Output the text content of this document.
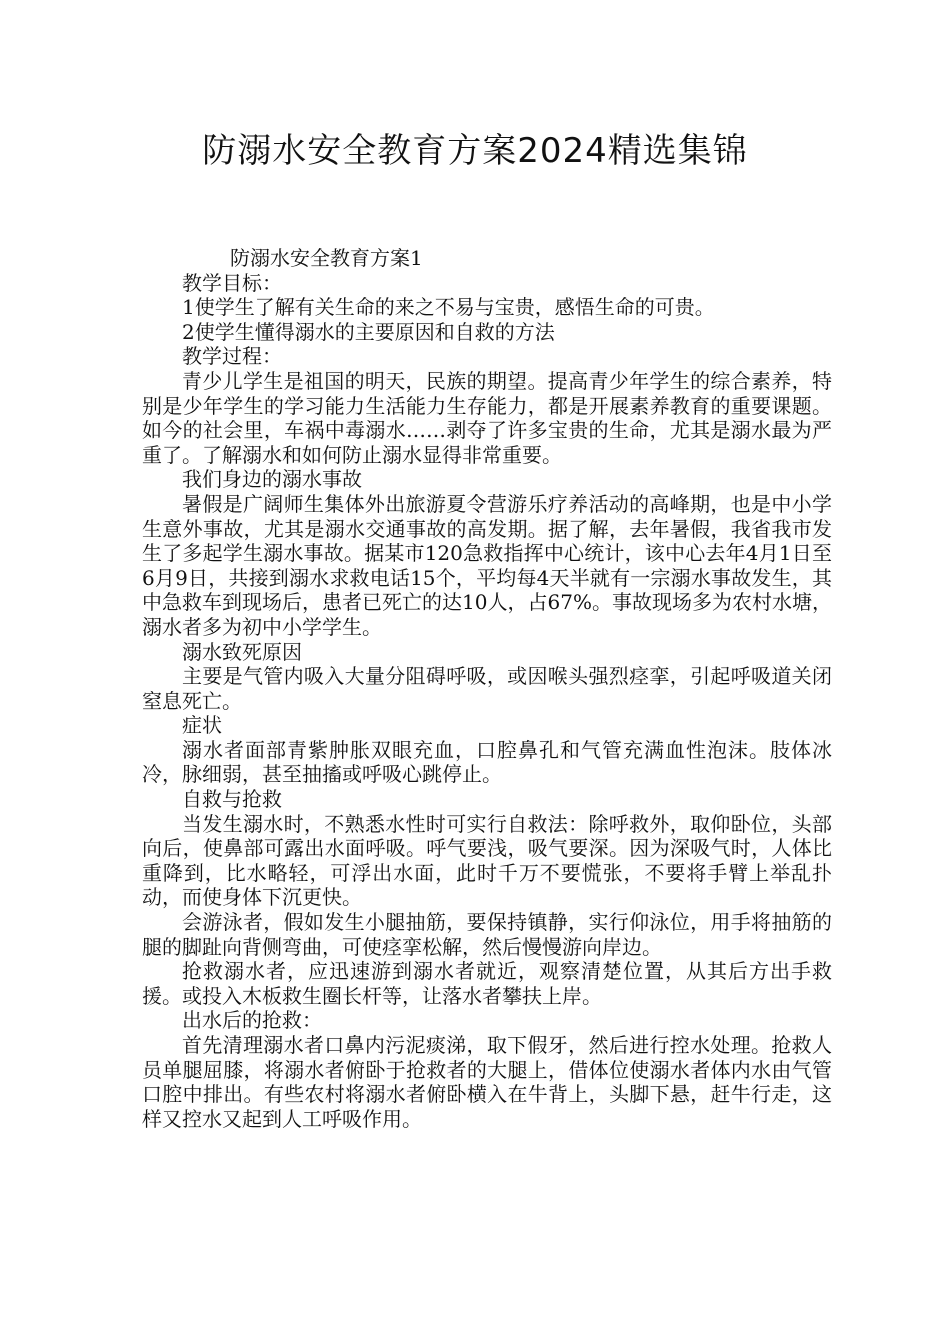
防溺水安全教育方案2024精选集锦

防溺水安全教育方案1

教学目标：

1使学生了解有关生命的来之不易与宝贵，感悟生命的可贵。

2使学生懂得溺水的主要原因和自救的方法

教学过程：

青少儿学生是祖国的明天，民族的期望。提高青少年学生的综合素养，特别是少年学生的学习能力生活能力生存能力，都是开展素养教育的重要课题。如今的社会里，车祸中毒溺水……剥夺了许多宝贵的生命，尤其是溺水最为严重了。了解溺水和如何防止溺水显得非常重要。

我们身边的溺水事故

暑假是广阔师生集体外出旅游夏令营游乐疗养活动的高峰期，也是中小学生意外事故，尤其是溺水交通事故的高发期。据了解，去年暑假，我省我市发生了多起学生溺水事故。据某市120急救指挥中心统计，该中心去年4月1日至6月9日，共接到溺水求救电话15个，平均每4天半就有一宗溺水事故发生，其中急救车到现场后，患者已死亡的达10人，占67%。事故现场多为农村水塘，溺水者多为初中小学学生。

溺水致死原因

主要是气管内吸入大量分阻碍呼吸，或因喉头强烈痉挛，引起呼吸道关闭窒息死亡。

症状

溺水者面部青紫肿胀双眼充血，口腔鼻孔和气管充满血性泡沫。肢体冰冷，脉细弱，甚至抽搐或呼吸心跳停止。

自救与抢救

当发生溺水时，不熟悉水性时可实行自救法：除呼救外，取仰卧位，头部向后，使鼻部可露出水面呼吸。呼气要浅，吸气要深。因为深吸气时，人体比重降到，比水略轻，可浮出水面，此时千万不要慌张，不要将手臂上举乱扑动，而使身体下沉更快。

会游泳者，假如发生小腿抽筋，要保持镇静，实行仰泳位，用手将抽筋的腿的脚趾向背侧弯曲，可使痉挛松解，然后慢慢游向岸边。

抢救溺水者，应迅速游到溺水者就近，观察清楚位置，从其后方出手救援。或投入木板救生圈长杆等，让落水者攀扶上岸。

出水后的抢救：

首先清理溺水者口鼻内污泥痰涕，取下假牙，然后进行控水处理。抢救人员单腿屈膝，将溺水者俯卧于抢救者的大腿上，借体位使溺水者体内水由气管口腔中排出。有些农村将溺水者俯卧横入在牛背上，头脚下悬，赶牛行走，这样又控水又起到人工呼吸作用。
